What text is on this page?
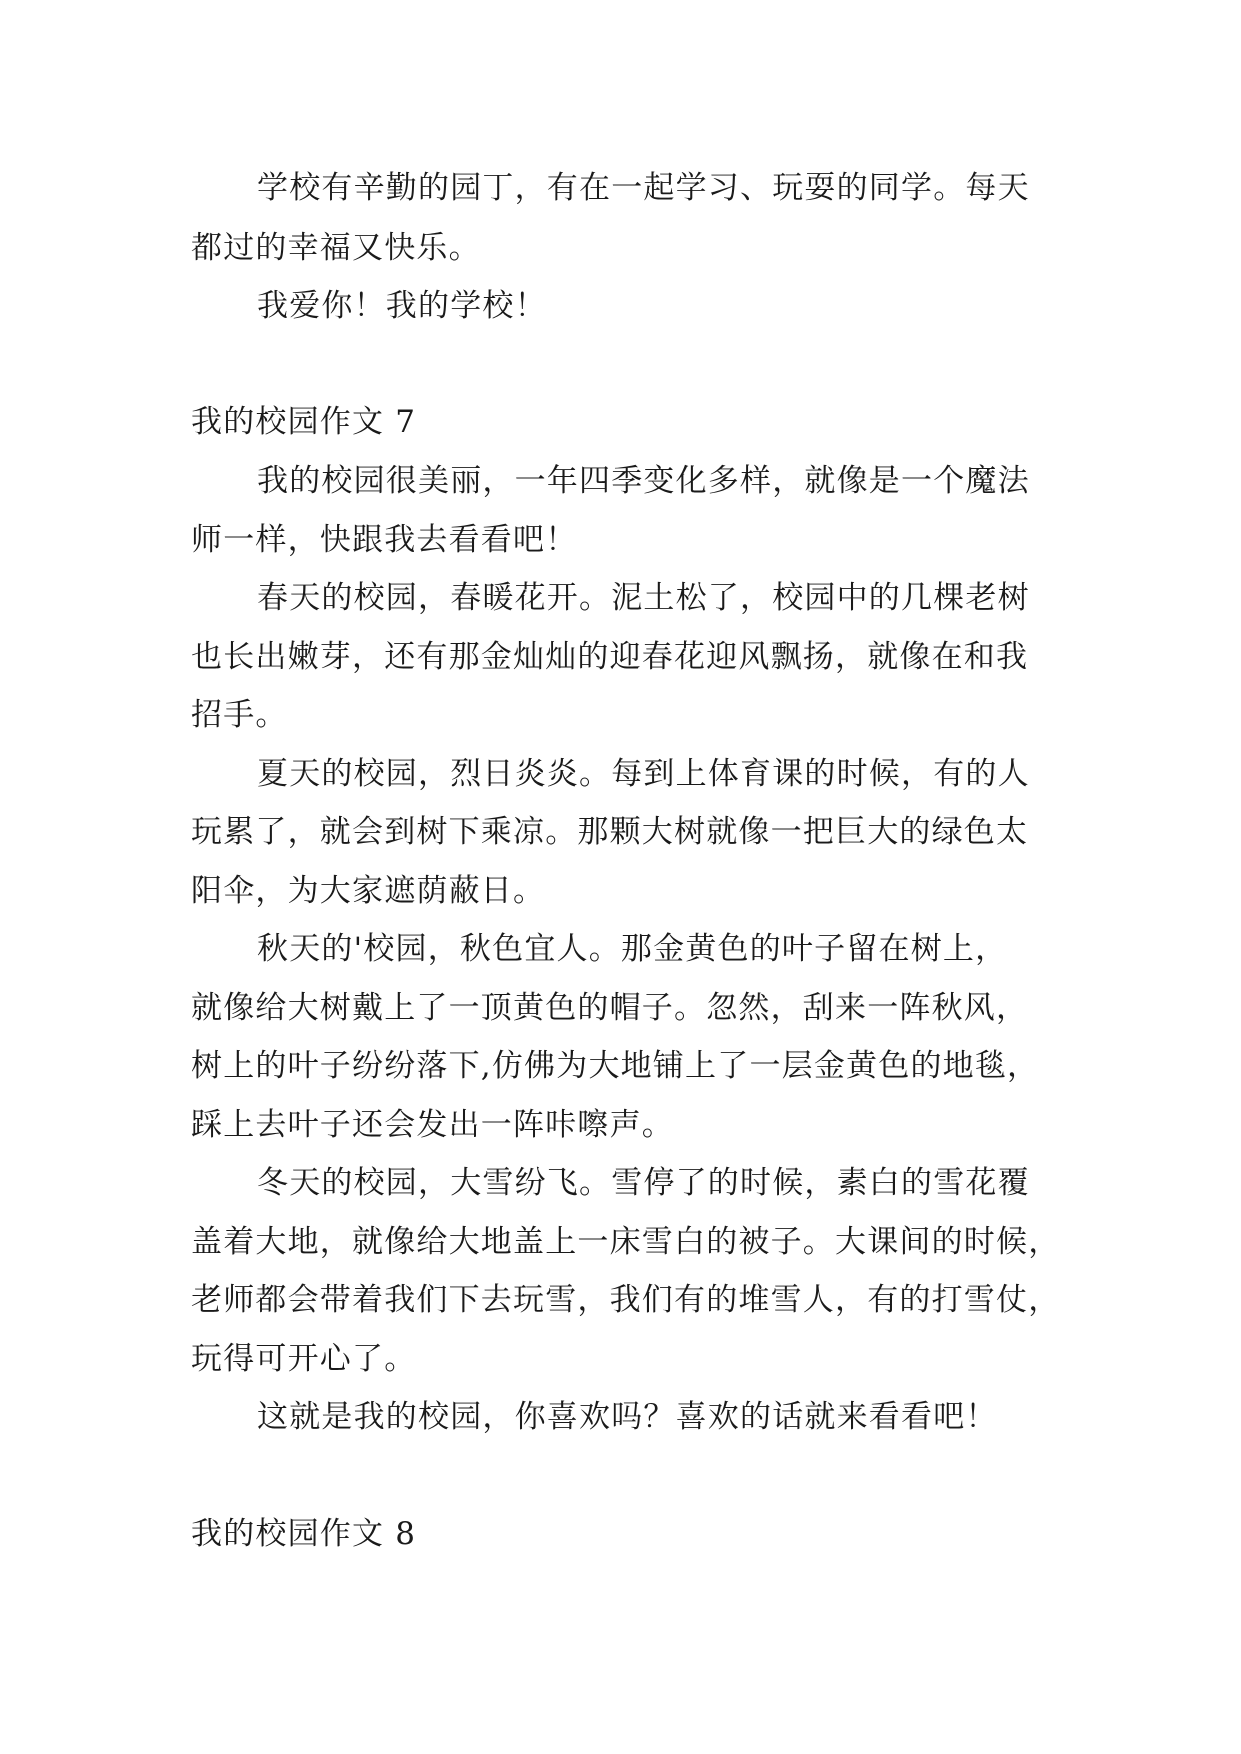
学校有辛勤的园丁，有在一起学习、玩耍的同学。每天
都过的幸福又快乐。
我爱你！我的学校！
我的校园作文 7
我的校园很美丽，一年四季变化多样，就像是一个魔法
师一样，快跟我去看看吧！
春天的校园，春暖花开。泥土松了，校园中的几棵老树
也长出嫩芽，还有那金灿灿的迎春花迎风飘扬，就像在和我
招手。
夏天的校园，烈日炎炎。每到上体育课的时候，有的人
玩累了，就会到树下乘凉。那颗大树就像一把巨大的绿色太
阳伞，为大家遮荫蔽日。
秋天的'校园，秋色宜人。那金黄色的叶子留在树上，
就像给大树戴上了一顶黄色的帽子。忽然，刮来一阵秋风，
树上的叶子纷纷落下,仿佛为大地铺上了一层金黄色的地毯，
踩上去叶子还会发出一阵咔嚓声。
冬天的校园，大雪纷飞。雪停了的时候，素白的雪花覆
盖着大地，就像给大地盖上一床雪白的被子。大课间的时候，
老师都会带着我们下去玩雪，我们有的堆雪人，有的打雪仗，
玩得可开心了。
这就是我的校园，你喜欢吗？喜欢的话就来看看吧！
我的校园作文 8
